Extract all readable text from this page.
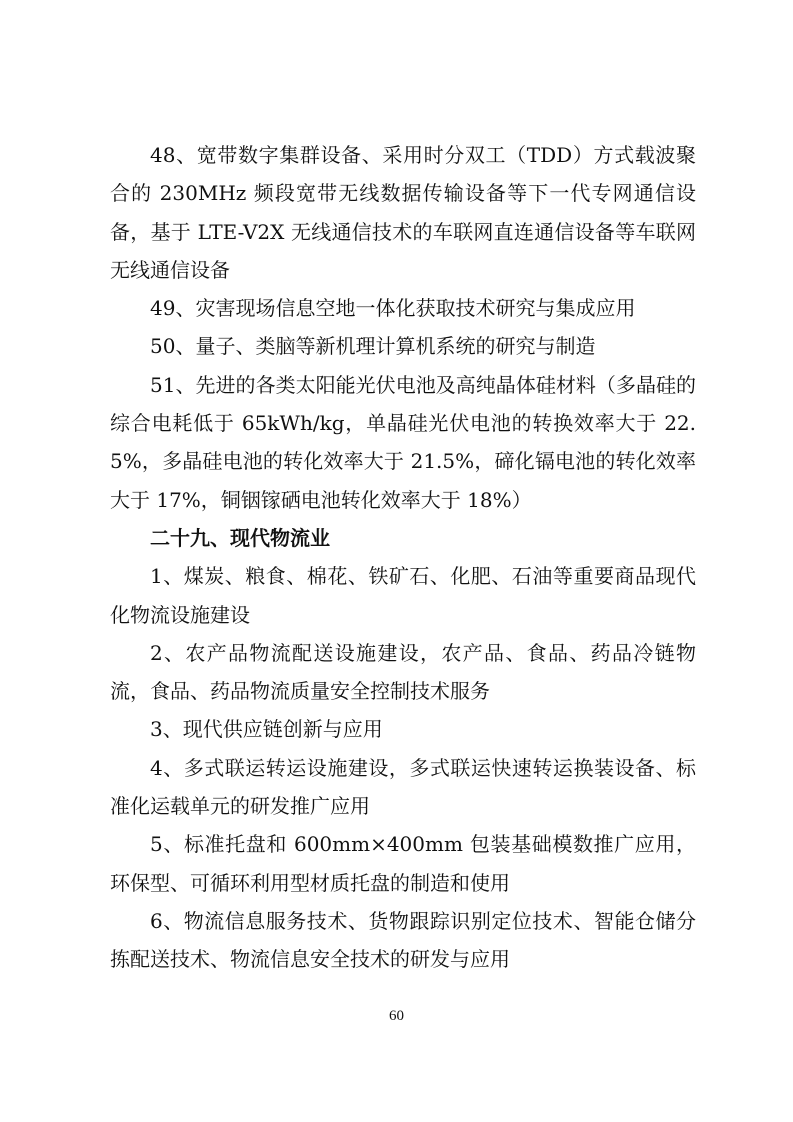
48、宽带数字集群设备、采用时分双工（TDD）方式载波聚合的 230MHz 频段宽带无线数据传输设备等下一代专网通信设备，基于 LTE-V2X 无线通信技术的车联网直连通信设备等车联网无线通信设备

49、灾害现场信息空地一体化获取技术研究与集成应用

50、量子、类脑等新机理计算机系统的研究与制造

51、先进的各类太阳能光伏电池及高纯晶体硅材料（多晶硅的综合电耗低于 65kWh/kg，单晶硅光伏电池的转换效率大于 22.5%，多晶硅电池的转化效率大于 21.5%，碲化镉电池的转化效率大于 17%，铜铟镓硒电池转化效率大于 18%）

二十九、现代物流业

1、煤炭、粮食、棉花、铁矿石、化肥、石油等重要商品现代化物流设施建设

2、农产品物流配送设施建设，农产品、食品、药品冷链物流，食品、药品物流质量安全控制技术服务

3、现代供应链创新与应用

4、多式联运转运设施建设，多式联运快速转运换装设备、标准化运载单元的研发推广应用

5、标准托盘和 600mm×400mm 包装基础模数推广应用，环保型、可循环利用型材质托盘的制造和使用

6、物流信息服务技术、货物跟踪识别定位技术、智能仓储分拣配送技术、物流信息安全技术的研发与应用

60
